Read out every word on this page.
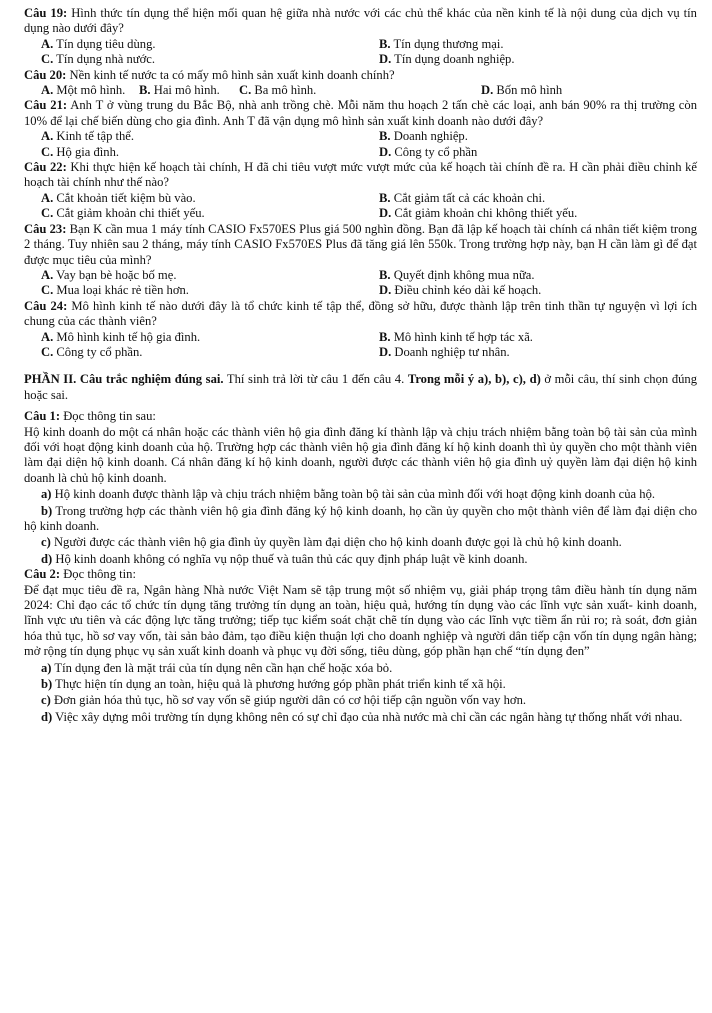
Câu 19: Hình thức tín dụng thể hiện mối quan hệ giữa nhà nước với các chủ thể khác của nền kinh tế là nội dung của dịch vụ tín dụng nào dưới đây?

A. Tín dụng tiêu dùng.	B. Tín dụng thương mại.
C. Tín dụng nhà nước.	D. Tín dụng doanh nghiệp.

Câu 20: Nền kinh tế nước ta có mấy mô hình sản xuất kinh doanh chính?

A. Một mô hình.	B. Hai mô hình.	C. Ba mô hình.	D. Bốn mô hình

Câu 21: Anh T ở vùng trung du Bắc Bộ, nhà anh trồng chè. Mỗi năm thu hoạch 2 tấn chè các loại, anh bán 90% ra thị trường còn 10% để lại chế biến dùng cho gia đình. Anh T đã vận dụng mô hình sản xuất kinh doanh nào dưới đây?

A. Kinh tế tập thể.	B. Doanh nghiệp.
C. Hộ gia đình.	D. Công ty cổ phần

Câu 22: Khi thực hiện kế hoạch tài chính, H đã chi tiêu vượt mức vượt mức của kế hoạch tài chính đề ra. H cần phải điều chỉnh kế hoạch tài chính như thế nào?

A. Cắt khoản tiết kiệm bù vào.	B. Cắt giảm tất cả các khoản chi.
C. Cắt giảm khoản chi thiết yếu.	D. Cắt giảm khoản chi không thiết yếu.

Câu 23: Bạn K cần mua 1 máy tính CASIO Fx570ES Plus giá 500 nghìn đồng. Bạn đã lập kế hoạch tài chính cá nhân tiết kiệm trong 2 tháng. Tuy nhiên sau 2 tháng, máy tính CASIO Fx570ES Plus đã tăng giá lên 550k. Trong trường hợp này, bạn H cần làm gì để đạt được mục tiêu của mình?

A. Vay bạn bè hoặc bố mẹ.	B. Quyết định không mua nữa.
C. Mua loại khác rẻ tiền hơn.	D. Điều chỉnh kéo dài kế hoạch.

Câu 24: Mô hình kinh tế nào dưới đây là tổ chức kinh tế tập thể, đồng sở hữu, được thành lập trên tinh thần tự nguyện vì lợi ích chung của các thành viên?

A. Mô hình kinh tế hộ gia đình.	B. Mô hình kinh tế hợp tác xã.
C. Công ty cổ phần.	D. Doanh nghiệp tư nhân.

PHẦN II. Câu trắc nghiệm đúng sai. Thí sinh trả lời từ câu 1 đến câu 4. Trong mỗi ý a), b), c), d) ở mỗi câu, thí sinh chọn đúng hoặc sai.

Câu 1: Đọc thông tin sau:

Hộ kinh doanh do một cá nhân hoặc các thành viên hộ gia đình đăng kí thành lập và chịu trách nhiệm bằng toàn bộ tài sản của mình đối với hoạt động kinh doanh của hộ. Trường hợp các thành viên hộ gia đình đăng kí hộ kinh doanh thì ủy quyền cho một thành viên làm đại diện hộ kinh doanh. Cá nhân đăng kí hộ kinh doanh, người được các thành viên hộ gia đình uỷ quyền làm đại diện hộ kinh doanh là chủ hộ kinh doanh.

a) Hộ kinh doanh được thành lập và chịu trách nhiệm bằng toàn bộ tài sản của mình đối với hoạt động kinh doanh của hộ.

b) Trong trường hợp các thành viên hộ gia đình đăng ký hộ kinh doanh, họ cần ủy quyền cho một thành viên để làm đại diện cho hộ kinh doanh.

c) Người được các thành viên hộ gia đình ủy quyền làm đại diện cho hộ kinh doanh được gọi là chủ hộ kinh doanh.

d) Hộ kinh doanh không có nghĩa vụ nộp thuế và tuân thủ các quy định pháp luật về kinh doanh.

Câu 2: Đọc thông tin:

Để đạt mục tiêu đề ra, Ngân hàng Nhà nước Việt Nam sẽ tập trung một số nhiệm vụ, giải pháp trọng tâm điều hành tín dụng năm 2024: Chỉ đạo các tổ chức tín dụng tăng trưởng tín dụng an toàn, hiệu quả, hướng tín dụng vào các lĩnh vực sản xuất- kinh doanh, lĩnh vực ưu tiên và các động lực tăng trưởng; tiếp tục kiểm soát chặt chẽ tín dụng vào các lĩnh vực tiềm ẩn rủi ro; rà soát, đơn giản hóa thủ tục, hồ sơ vay vốn, tài sản bảo đảm, tạo điều kiện thuận lợi cho doanh nghiệp và người dân tiếp cận vốn tín dụng ngân hàng; mở rộng tín dụng phục vụ sản xuất kinh doanh và phục vụ đời sống, tiêu dùng, góp phần hạn chế “tín dụng đen”

a) Tín dụng đen là mặt trái của tín dụng nên cần hạn chế hoặc xóa bỏ.

b) Thực hiện tín dụng an toàn, hiệu quả là phương hướng góp phần phát triển kinh tế xã hội.

c) Đơn giản hóa thủ tục, hồ sơ vay vốn sẽ giúp người dân có cơ hội tiếp cận nguồn vốn vay hơn.

d) Việc xây dựng môi trường tín dụng không nên có sự chỉ đạo của nhà nước mà chỉ cần các ngân hàng tự thống nhất với nhau.
